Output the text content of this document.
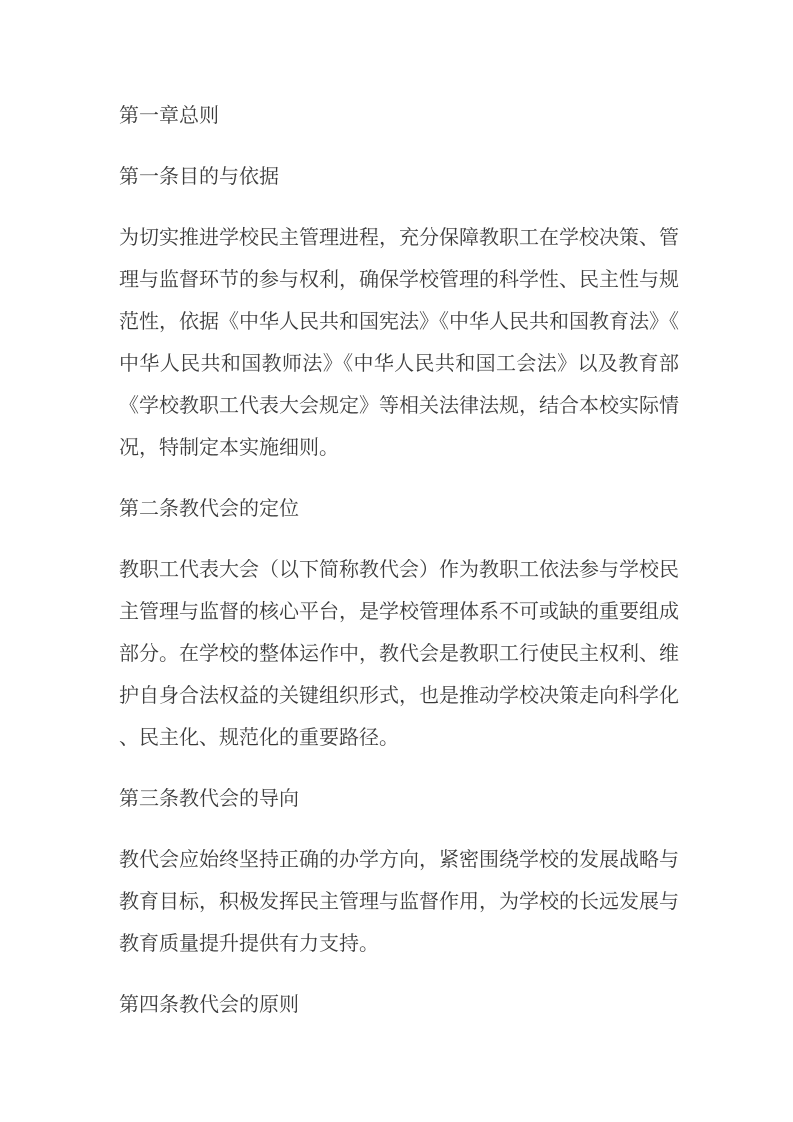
第一章总则
第一条目的与依据

为切实推进学校民主管理进程，充分保障教职工在学校决策、管理与监督环节的参与权利，确保学校管理的科学性、民主性与规范性，依据《中华人民共和国宪法》《中华人民共和国教育法》《中华人民共和国教师法》《中华人民共和国工会法》以及教育部《学校教职工代表大会规定》等相关法律法规，结合本校实际情况，特制定本实施细则。

第二条教代会的定位

教职工代表大会（以下简称教代会）作为教职工依法参与学校民主管理与监督的核心平台，是学校管理体系不可或缺的重要组成部分。在学校的整体运作中，教代会是教职工行使民主权利、维护自身合法权益的关键组织形式，也是推动学校决策走向科学化、民主化、规范化的重要路径。

第三条教代会的导向

教代会应始终坚持正确的办学方向，紧密围绕学校的发展战略与教育目标，积极发挥民主管理与监督作用，为学校的长远发展与教育质量提升提供有力支持。

第四条教代会的原则
